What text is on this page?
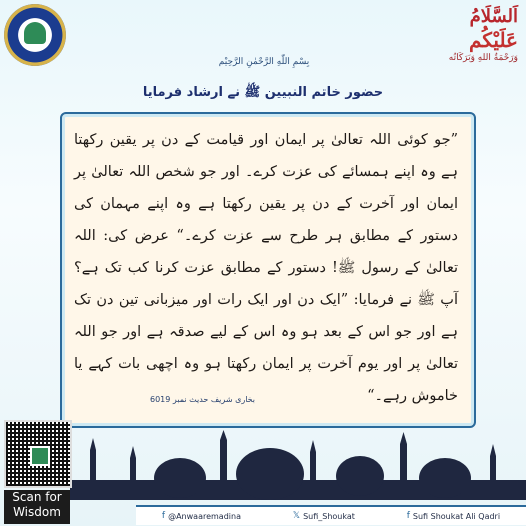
اَلسَّلَامُ
عَلَيْكُم
وَرَحْمَةُ اللهِ وَبَرَكَاتُه
بِسْمِ اللّٰهِ الرَّحْمٰنِ الرَّحِيْم
حضور خاتم النبیین ﷺ نے ارشاد فرمایا
”جو کوئی اللہ تعالیٰ پر ایمان اور قیامت کے دن پر یقین رکھتا ہے وہ اپنے ہمسائے کی عزت کرے۔ اور جو شخص اللہ تعالیٰ پر ایمان اور آخرت کے دن پر یقین رکھتا ہے وہ اپنے مہمان کی دستور کے مطابق ہر طرح سے عزت کرے۔“ عرض کی: اللہ تعالیٰ کے رسول ﷺ! دستور کے مطابق عزت کرنا کب تک ہے؟ آپ ﷺ نے فرمایا: ”ایک دن اور ایک رات اور میزبانی تین دن تک ہے اور جو اس کے بعد ہو وہ اس کے لیے صدقہ ہے اور جو اللہ تعالیٰ پر اور یوم آخرت پر ایمان رکھتا ہو وہ اچھی بات کہے یا خاموش رہے۔“
بخاری شریف حدیث نمبر 6019
Scan for Wisdom	f @Anwaaremadina	𝕏 Sufi_Shoukat	f Sufi Shoukat Ali Qadri
